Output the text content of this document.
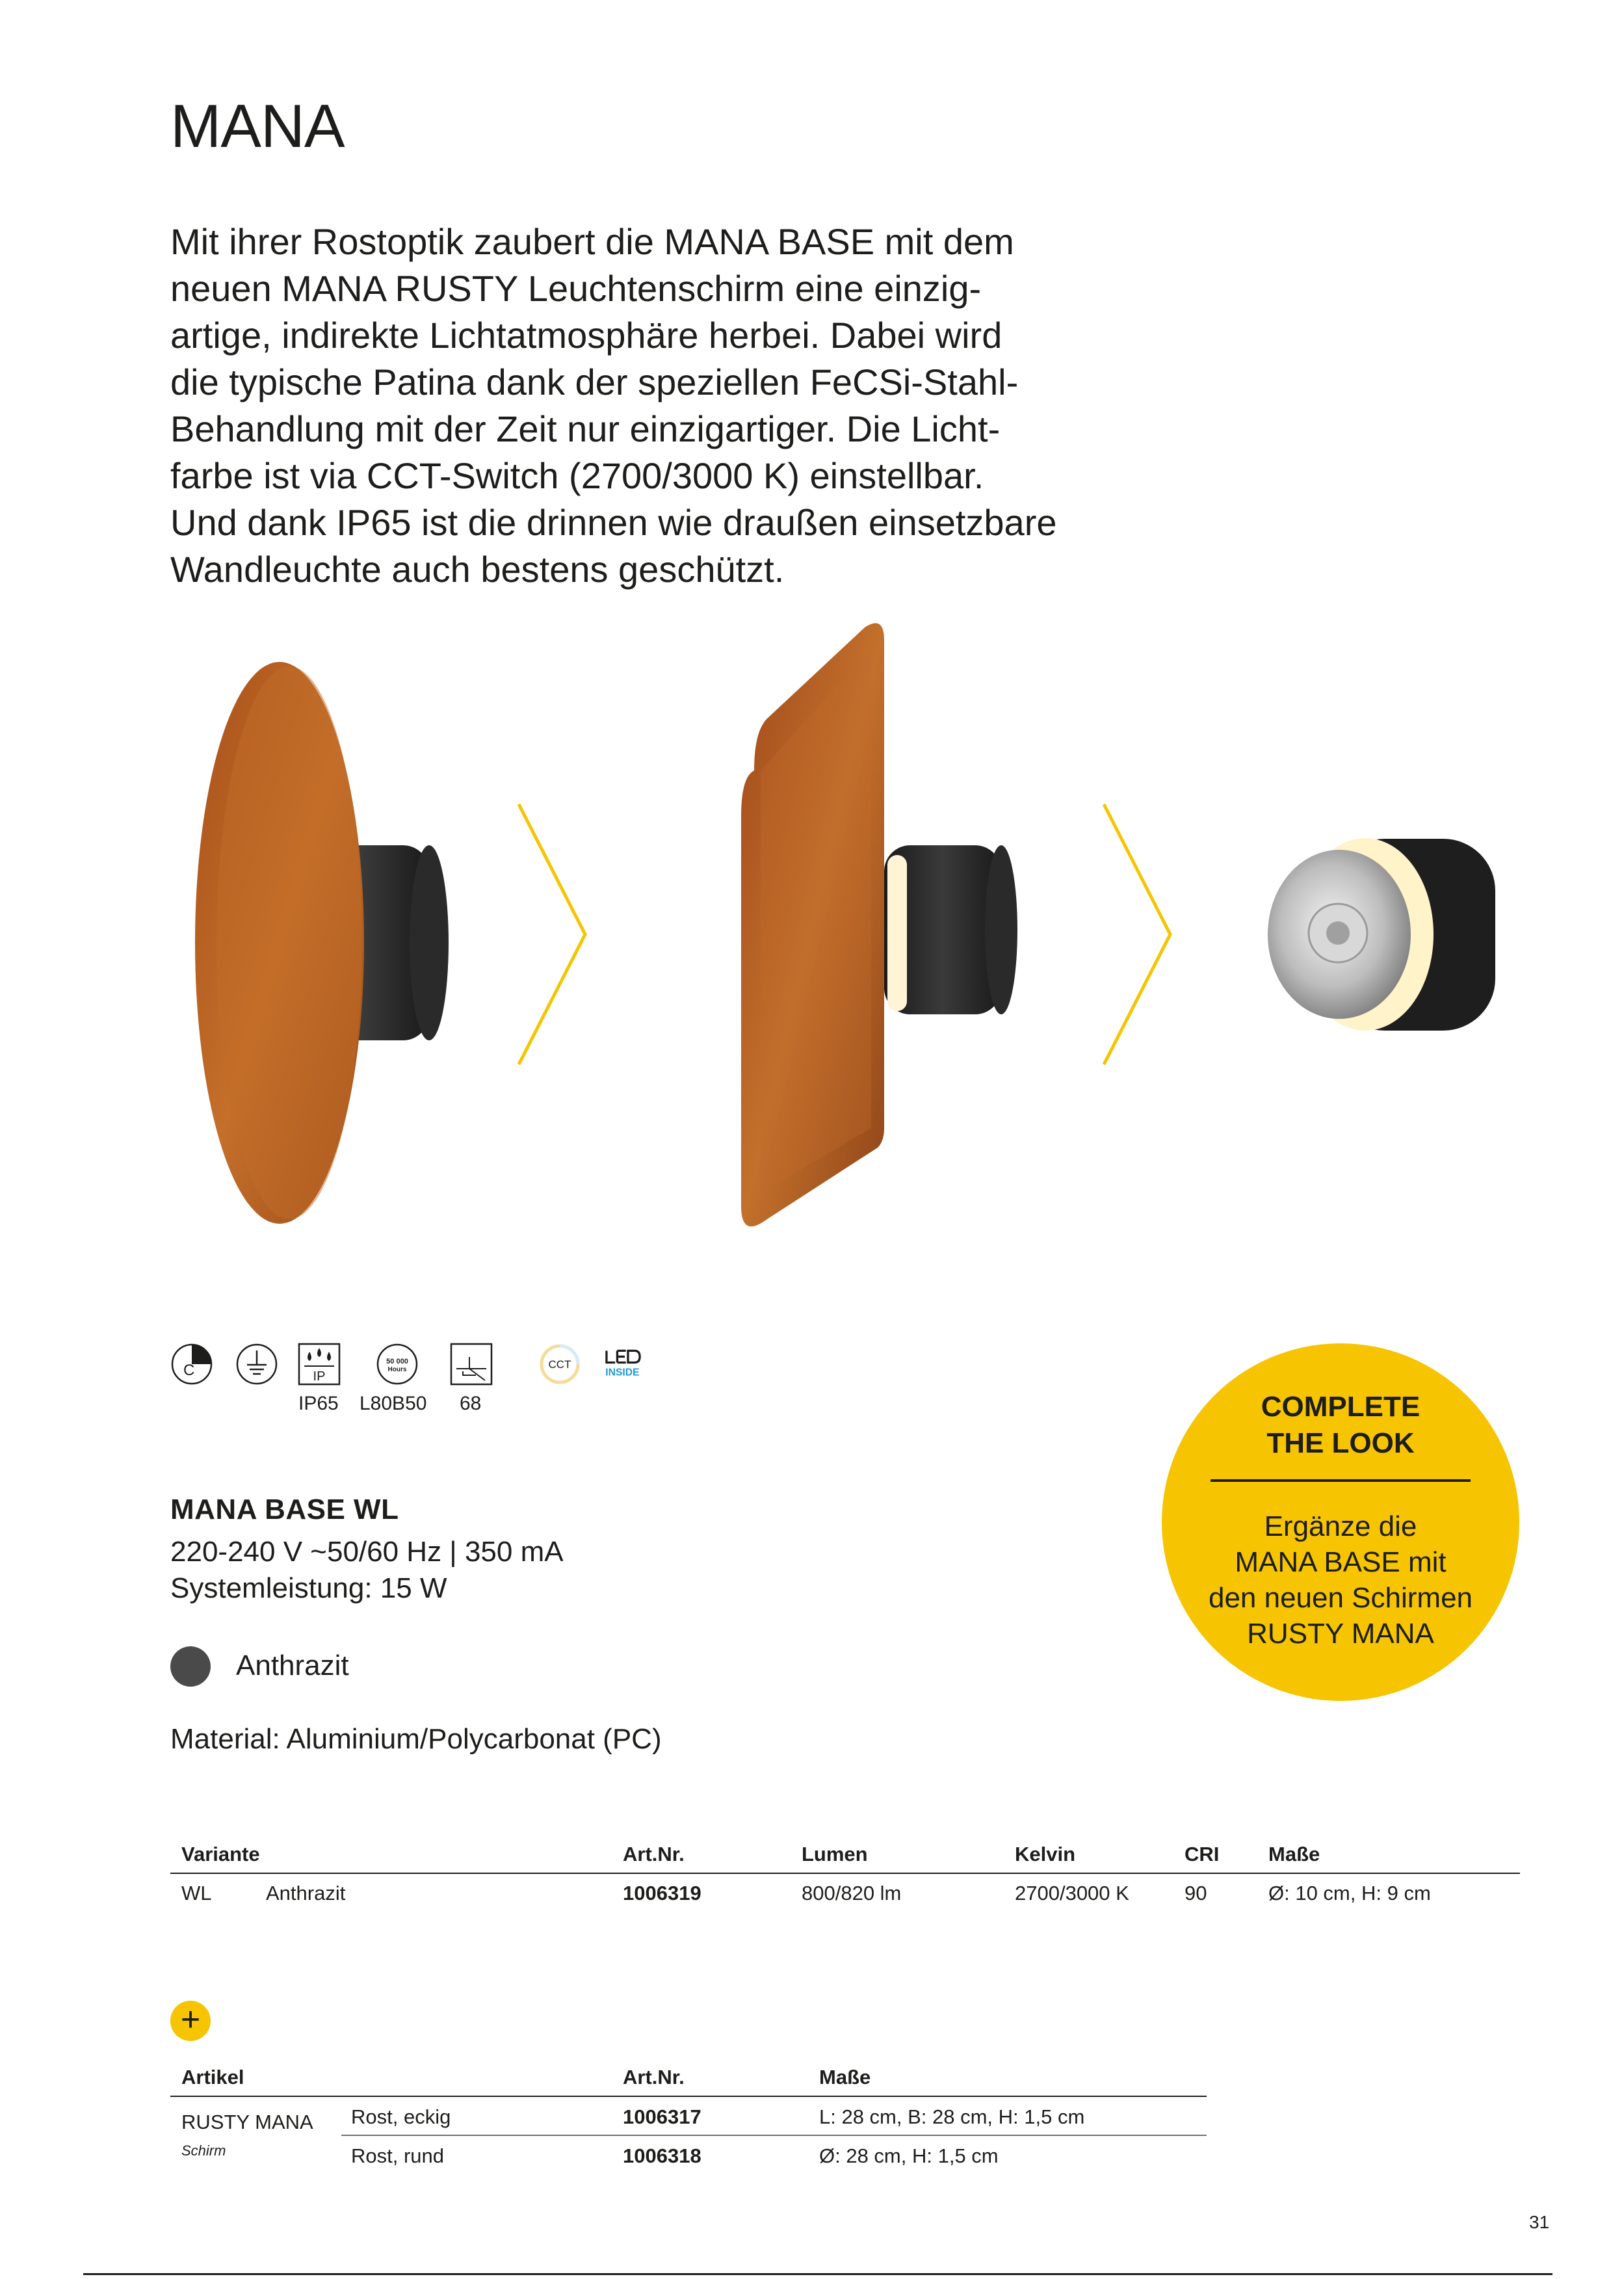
MANA

Mit ihrer Rostoptik zaubert die MANA BASE mit dem
neuen MANA RUSTY Leuchtenschirm eine einzig-
artige, indirekte Lichtatmosphäre herbei. Dabei wird
die typische Patina dank der speziellen FeCSi-Stahl-
Behandlung mit der Zeit nur einzigartiger. Die Licht-
farbe ist via CCT-Switch (2700/3000 K) einstellbar.
Und dank IP65 ist die drinnen wie draußen einsetzbare
Wandleuchte auch bestens geschützt.

C	IP
50 000
Hours	CCT
INSIDE
IP65 L80B50 68	COMPLETE
THE LOOK
Ergänze die
MANA BASE mit
den neuen Schirmen
RUSTY MANA
MANA BASE WL
220-240 V ~50/60 Hz | 350 mA
Systemleistung: 15 W
Anthrazit
Material: Aluminium/Polycarbonat (PC)
Variante	Art.Nr.	Lumen	Kelvin	CRI Maße
WL	Anthrazit	1006319	800/820 lm	2700/3000 K	90	Ø: 10 cm, H: 9 cm
+
Artikel	Art.Nr.	Maße
RUSTY MANA
Schirm
Rost, eckig	1006317	L: 28 cm, B: 28 cm, H: 1,5 cm
Rost, rund	1006318	Ø: 28 cm, H: 1,5 cm
31
